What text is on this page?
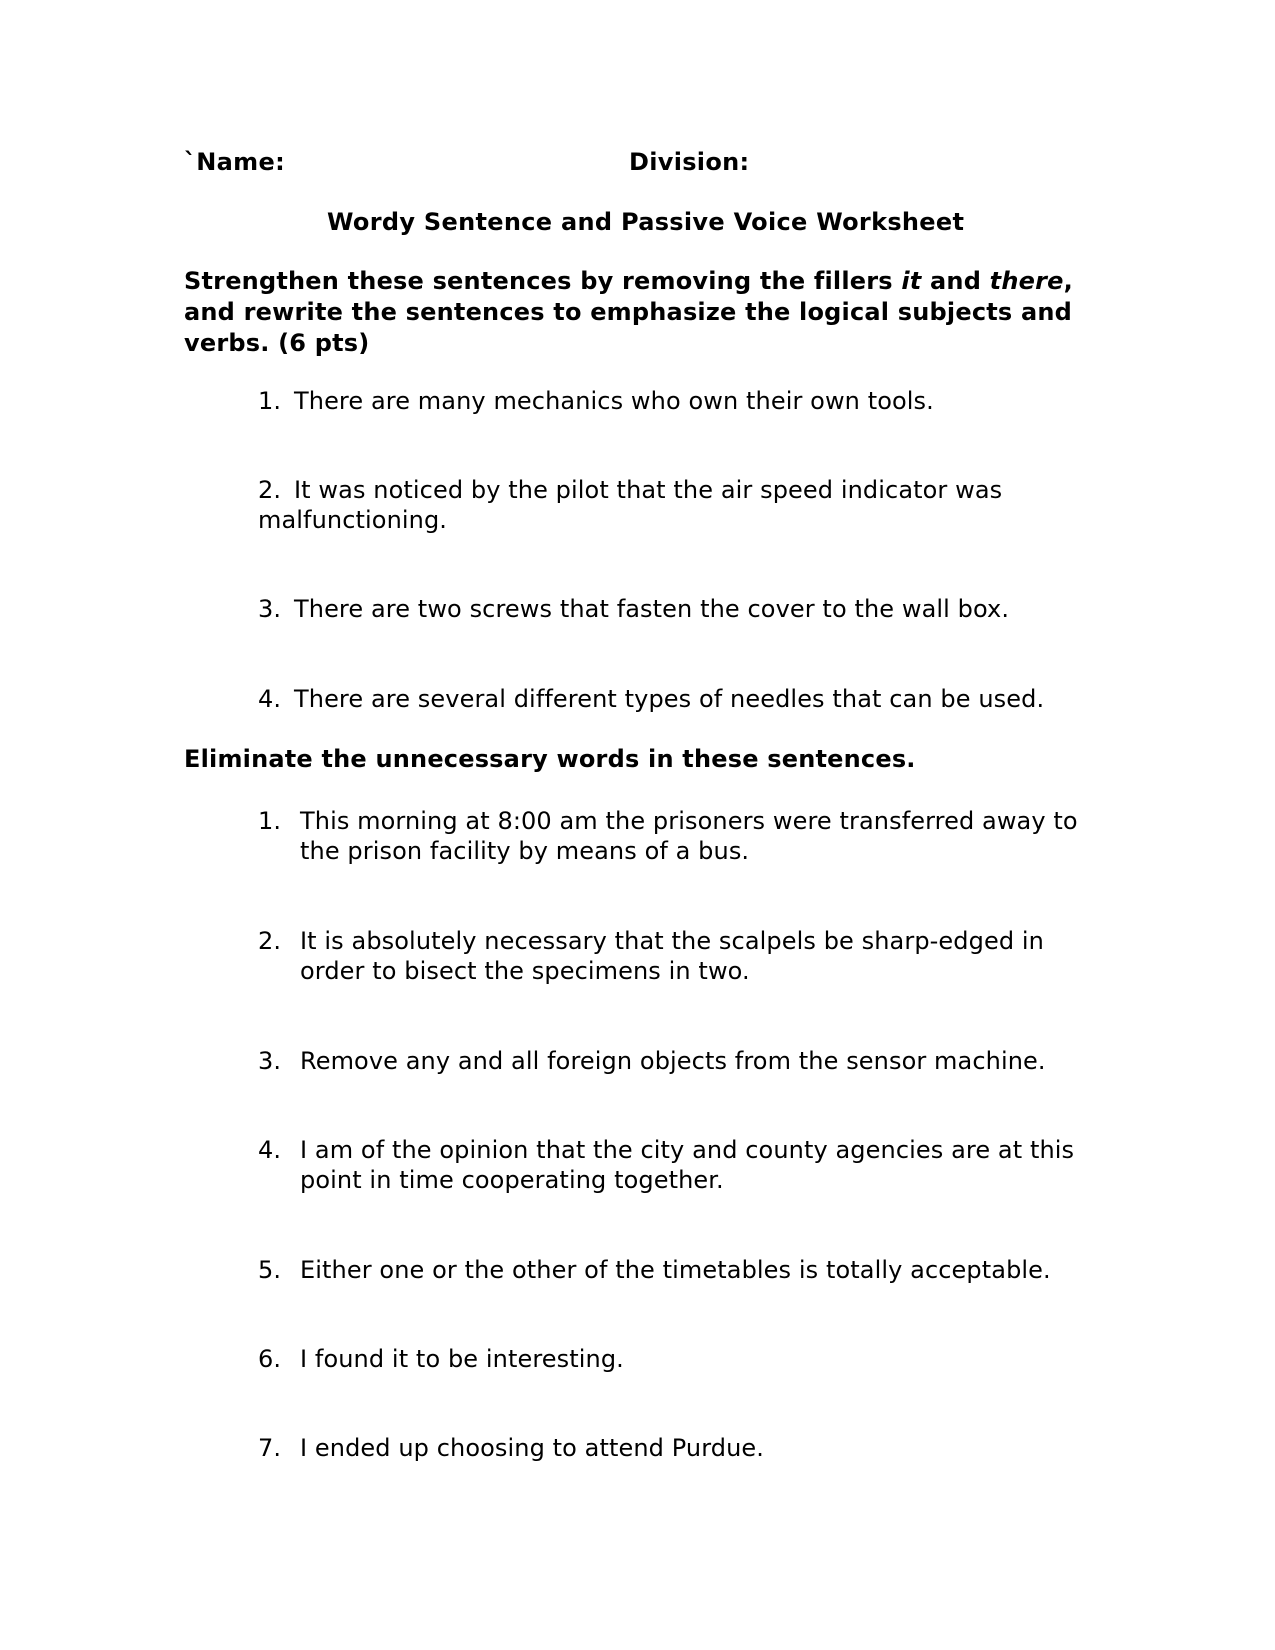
`Name:	Division:
Wordy Sentence and Passive Voice Worksheet
Strengthen these sentences by removing the fillers it and there,
and rewrite the sentences to emphasize the logical subjects and
verbs. (6 pts)
1. There are many mechanics who own their own tools.
2. It was noticed by the pilot that the air speed indicator was
malfunctioning.
3. There are two screws that fasten the cover to the wall box.
4. There are several different types of needles that can be used.
Eliminate the unnecessary words in these sentences.
1. This morning at 8:00 am the prisoners were transferred away to
the prison facility by means of a bus.
2. It is absolutely necessary that the scalpels be sharp-edged in
order to bisect the specimens in two.
3. Remove any and all foreign objects from the sensor machine.
4. I am of the opinion that the city and county agencies are at this
point in time cooperating together.
5. Either one or the other of the timetables is totally acceptable.
6. I found it to be interesting.
7. I ended up choosing to attend Purdue.
